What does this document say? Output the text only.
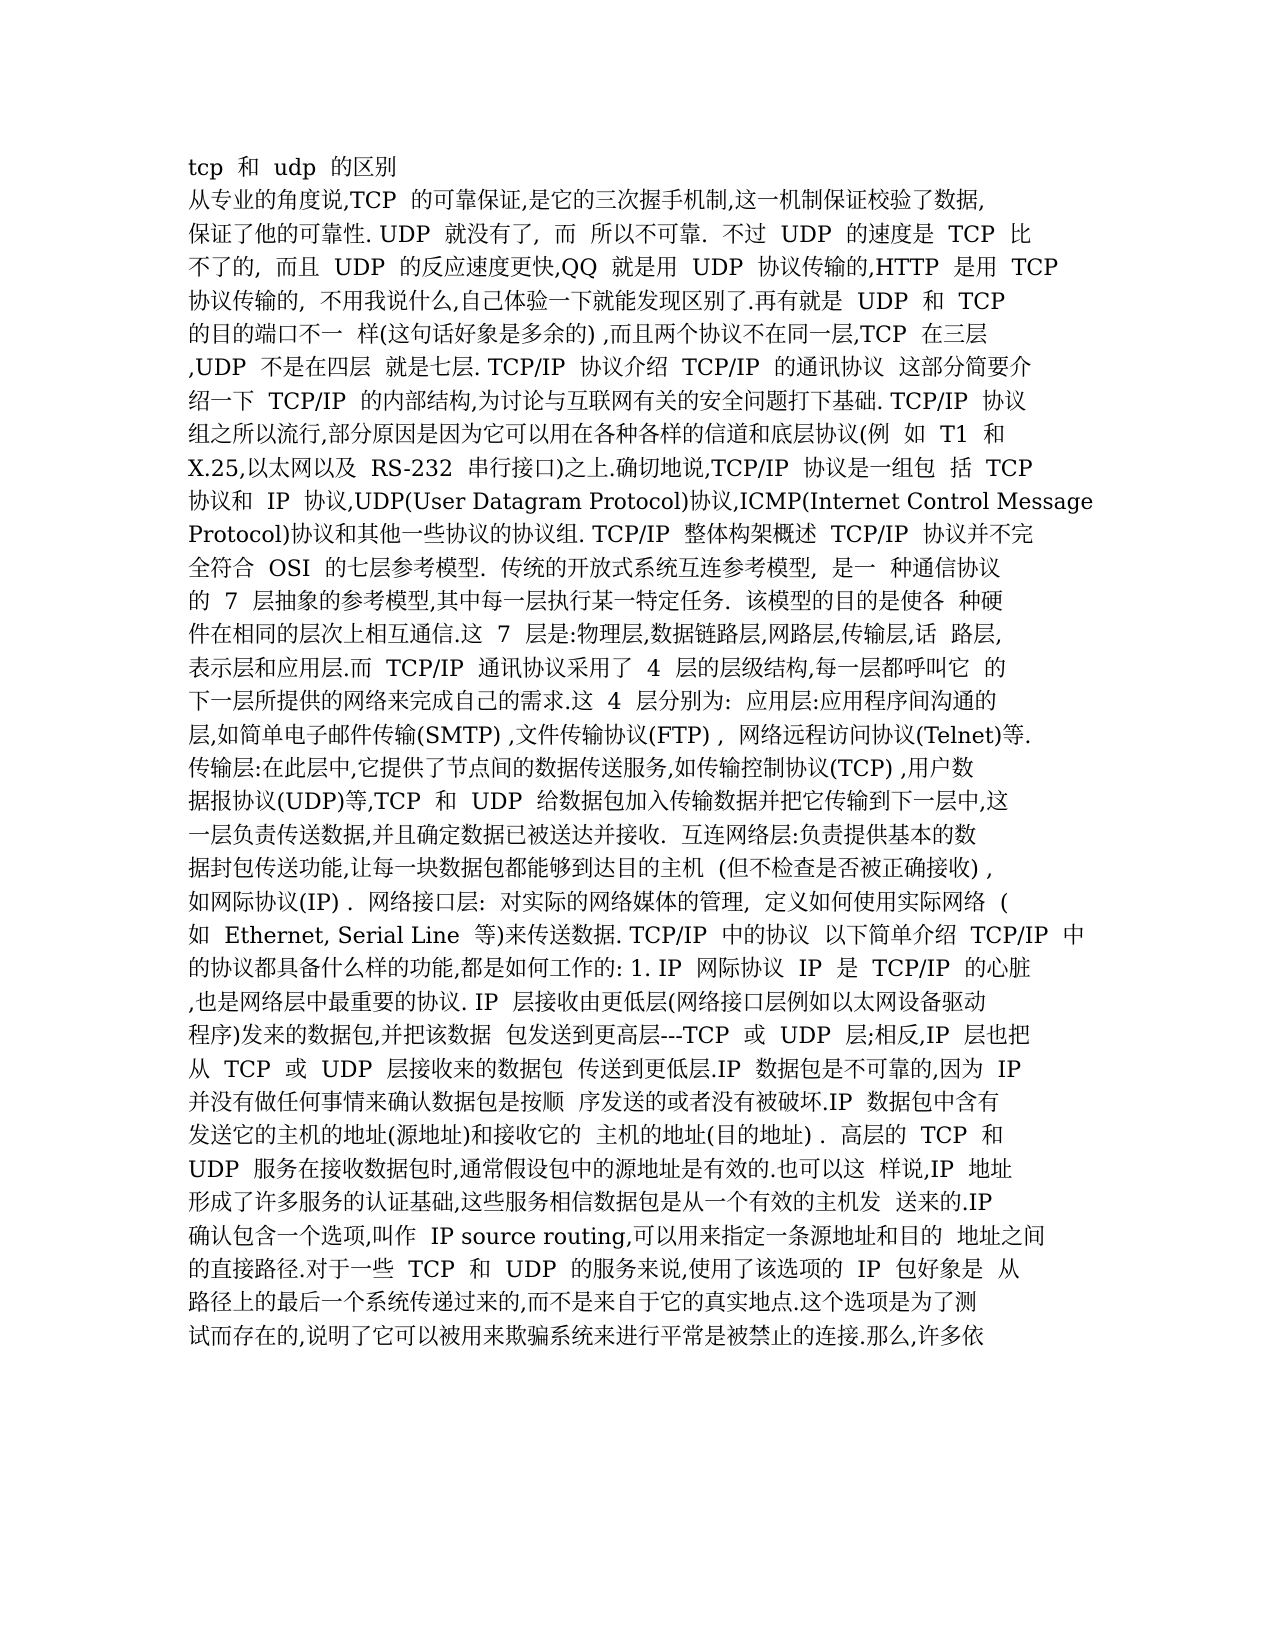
tcp  和  udp  的区别
从专业的角度说,TCP  的可靠保证,是它的三次握手机制,这一机制保证校验了数据,
保证了他的可靠性. UDP  就没有了,  而  所以不可靠.  不过  UDP  的速度是  TCP  比
不了的,  而且  UDP  的反应速度更快,QQ  就是用  UDP  协议传输的,HTTP  是用  TCP
协议传输的,  不用我说什么,自己体验一下就能发现区别了.再有就是  UDP  和  TCP
的目的端口不一  样(这句话好象是多余的) ,而且两个协议不在同一层,TCP  在三层
,UDP  不是在四层  就是七层. TCP/IP  协议介绍  TCP/IP  的通讯协议  这部分简要介
绍一下  TCP/IP  的内部结构,为讨论与互联网有关的安全问题打下基础. TCP/IP  协议
组之所以流行,部分原因是因为它可以用在各种各样的信道和底层协议(例  如  T1  和
X.25,以太网以及  RS-232  串行接口)之上.确切地说,TCP/IP  协议是一组包  括  TCP
协议和  IP  协议,UDP(User Datagram Protocol)协议,ICMP(Internet Control Message
Protocol)协议和其他一些协议的协议组. TCP/IP  整体构架概述  TCP/IP  协议并不完
全符合  OSI  的七层参考模型.  传统的开放式系统互连参考模型,  是一  种通信协议
的  7  层抽象的参考模型,其中每一层执行某一特定任务.  该模型的目的是使各  种硬
件在相同的层次上相互通信.这  7  层是:物理层,数据链路层,网路层,传输层,话  路层,
表示层和应用层.而  TCP/IP  通讯协议采用了  4  层的层级结构,每一层都呼叫它  的
下一层所提供的网络来完成自己的需求.这  4  层分别为:  应用层:应用程序间沟通的
层,如简单电子邮件传输(SMTP) ,文件传输协议(FTP) ,  网络远程访问协议(Telnet)等.
传输层:在此层中,它提供了节点间的数据传送服务,如传输控制协议(TCP) ,用户数
据报协议(UDP)等,TCP  和  UDP  给数据包加入传输数据并把它传输到下一层中,这
一层负责传送数据,并且确定数据已被送达并接收.  互连网络层:负责提供基本的数
据封包传送功能,让每一块数据包都能够到达目的主机  (但不检查是否被正确接收) ,
如网际协议(IP) .  网络接口层:  对实际的网络媒体的管理,  定义如何使用实际网络  (
如  Ethernet, Serial Line  等)来传送数据. TCP/IP  中的协议  以下简单介绍  TCP/IP  中
的协议都具备什么样的功能,都是如何工作的: 1. IP  网际协议  IP  是  TCP/IP  的心脏
,也是网络层中最重要的协议. IP  层接收由更低层(网络接口层例如以太网设备驱动
程序)发来的数据包,并把该数据  包发送到更高层---TCP  或  UDP  层;相反,IP  层也把
从  TCP  或  UDP  层接收来的数据包  传送到更低层.IP  数据包是不可靠的,因为  IP
并没有做任何事情来确认数据包是按顺  序发送的或者没有被破坏.IP  数据包中含有
发送它的主机的地址(源地址)和接收它的  主机的地址(目的地址) .  高层的  TCP  和
UDP  服务在接收数据包时,通常假设包中的源地址是有效的.也可以这  样说,IP  地址
形成了许多服务的认证基础,这些服务相信数据包是从一个有效的主机发  送来的.IP
确认包含一个选项,叫作  IP source routing,可以用来指定一条源地址和目的  地址之间
的直接路径.对于一些  TCP  和  UDP  的服务来说,使用了该选项的  IP  包好象是  从
路径上的最后一个系统传递过来的,而不是来自于它的真实地点.这个选项是为了测
试而存在的,说明了它可以被用来欺骗系统来进行平常是被禁止的连接.那么,许多依
